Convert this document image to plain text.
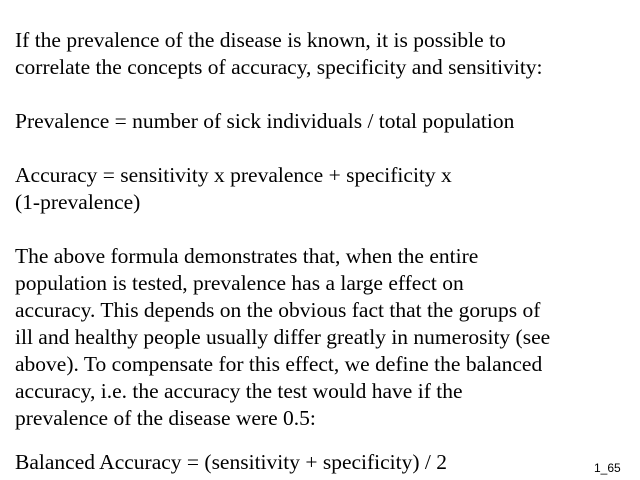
If the prevalence of the disease is known, it is possible to

correlate the concepts of accuracy, specificity and sensitivity:

Prevalence = number of sick individuals / total population

Accuracy = sensitivity x prevalence + specificity x

(1-prevalence)

The above formula demonstrates that, when the entire

population is tested, prevalence has a large effect on

accuracy. This depends on the obvious fact that the gorups of

ill and healthy people usually differ greatly in numerosity (see

above). To compensate for this effect, we define the balanced

accuracy, i.e. the accuracy the test would have if the

prevalence of the disease were 0.5:

Balanced Accuracy = (sensitivity + specificity) / 2	1_65
